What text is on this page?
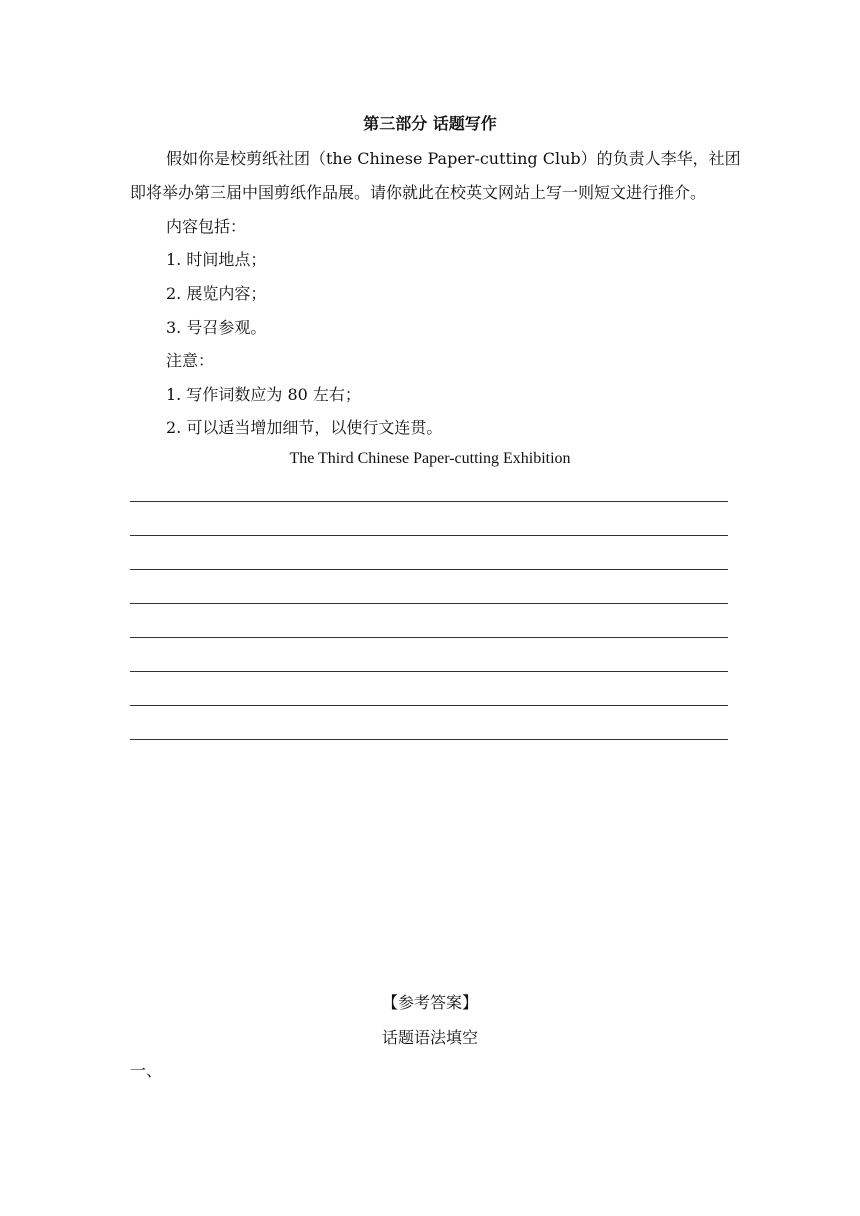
第三部分 话题写作
假如你是校剪纸社团（the Chinese Paper-cutting Club）的负责人李华，社团
即将举办第三届中国剪纸作品展。请你就此在校英文网站上写一则短文进行推介。
内容包括：
1. 时间地点；
2. 展览内容；
3. 号召参观。
注意：
1. 写作词数应为 80 左右；
2. 可以适当增加细节，以使行文连贯。
The Third Chinese Paper-cutting Exhibition
【参考答案】
话题语法填空
一、
